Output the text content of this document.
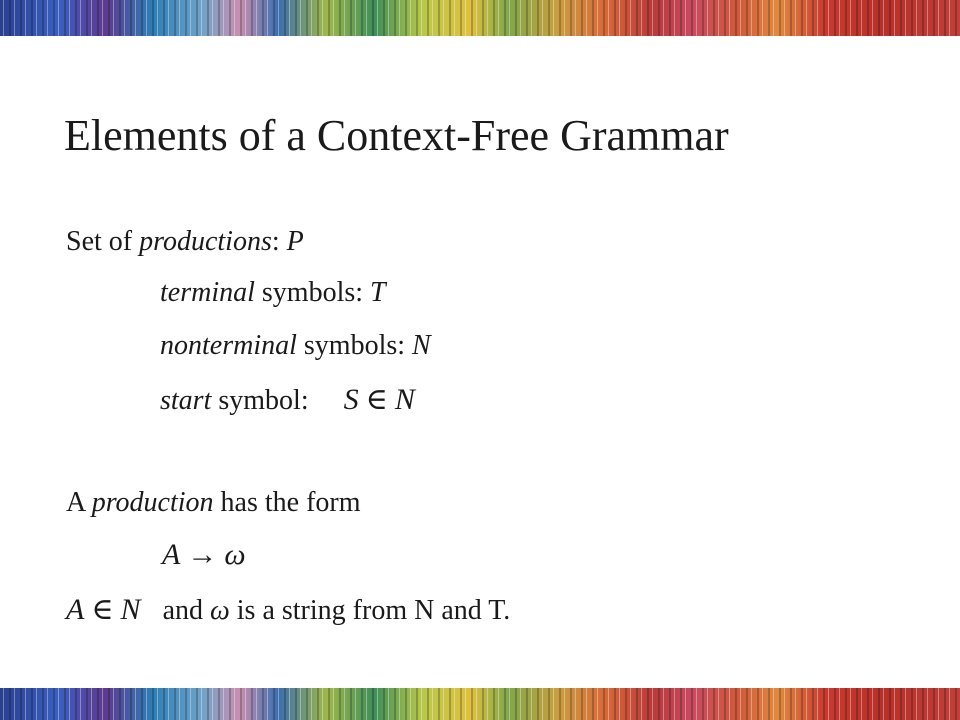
Elements of a Context-Free Grammar
Set of productions: P
terminal symbols: T
nonterminal symbols: N
start symbol: S ∈ N
A production has the form
A → ω
A ∈ N and ω is a string from N and T.
